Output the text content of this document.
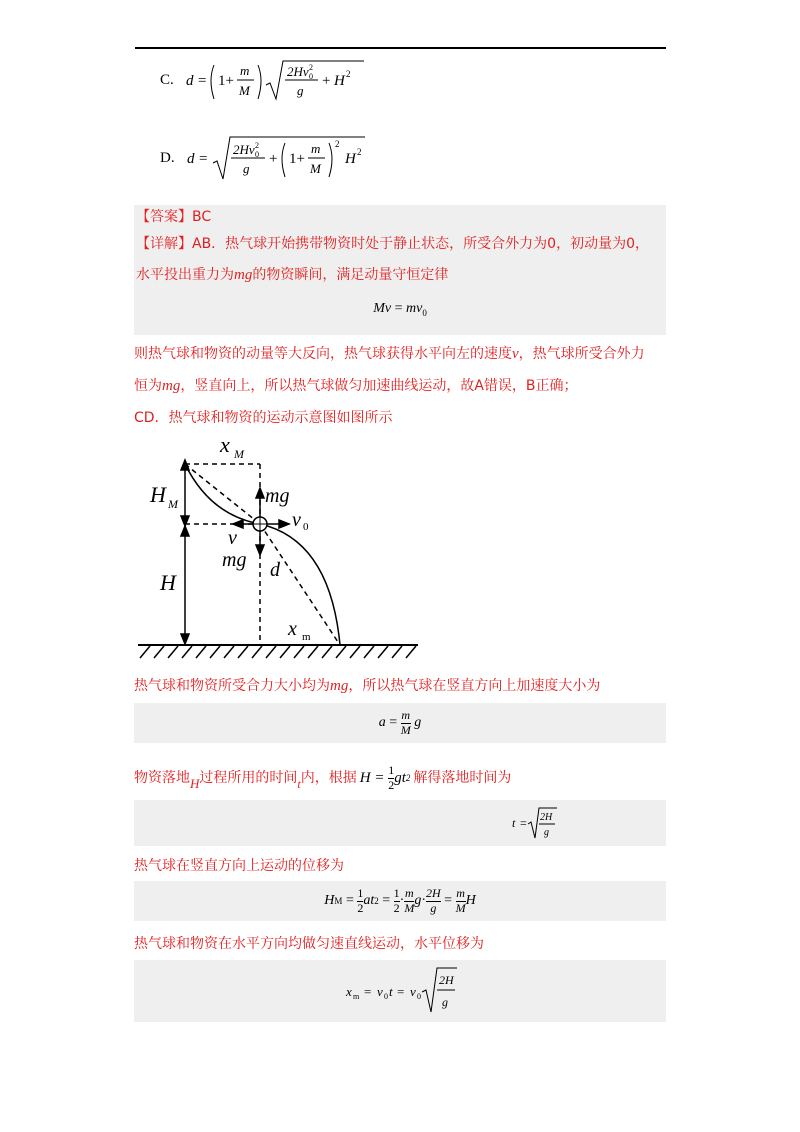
C. d = 1+
m
M
2Hv 0
2
g
+ H 2
D. d =
2Hv 0
2
g
+ 1+
m
M
2
H 2
【答案】BC
【详解】AB．热气球开始携带物资时处于静止状态，所受合外力为0，初动量为0，
水平投出重力为mg的物资瞬间，满足动量守恒定律
$Mv = mv_0$
则热气球和物资的动量等大反向，热气球获得水平向左的速度v，热气球所受合外力
恒为mg，竖直向上，所以热气球做匀加速曲线运动，故A错误，B正确；
CD．热气球和物资的运动示意图如图所示
x M
H M	mg
v 0
v
mg d
H
x m
热气球和物资所受合力大小均为mg，所以热气球在竖直方向上加速度大小为
$a = \frac{m}{M}$
g
物资落地 H 过程所用的时间 t 内，根据 $H = \frac{1}{2}$ gt 2 解得落地时间为
t = 2H
g
热气球在竖直方向上运动的位移为
H $M = \frac{1}{2}$ at $2 = \frac{1}{2} \cdot \frac{m}{M}$ $g \cdot \frac{2H}{g} = \frac{m}{M}$ H
热气球和物资在水平方向均做匀速直线运动，水平位移为
x m = v 0 t = v 0
2H
g
